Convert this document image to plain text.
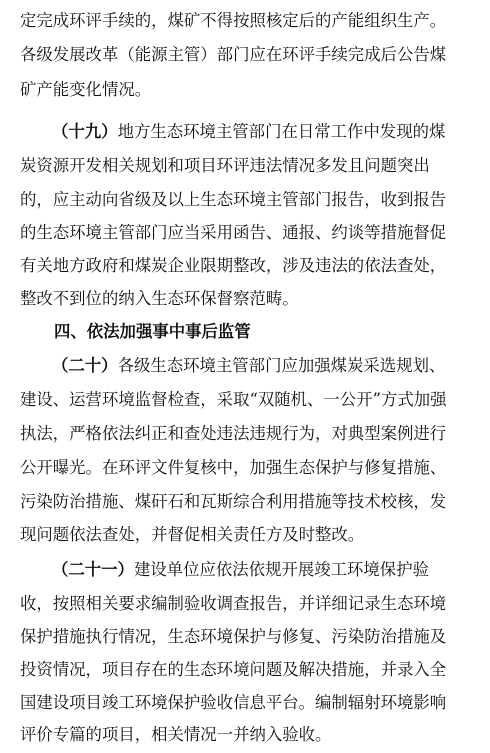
定完成环评手续的，煤矿不得按照核定后的产能组织生产。
各级发展改革（能源主管）部门应在环评手续完成后公告煤
矿产能变化情况。
（十九）地方生态环境主管部门在日常工作中发现的煤
炭资源开发相关规划和项目环评违法情况多发且问题突出
的，应主动向省级及以上生态环境主管部门报告，收到报告
的生态环境主管部门应当采用函告、通报、约谈等措施督促
有关地方政府和煤炭企业限期整改，涉及违法的依法查处，
整改不到位的纳入生态环保督察范畴。
四、依法加强事中事后监管
（二十）各级生态环境主管部门应加强煤炭采选规划、
建设、运营环境监督检查，采取“双随机、一公开”方式加强
执法，严格依法纠正和查处违法违规行为，对典型案例进行
公开曝光。在环评文件复核中，加强生态保护与修复措施、
污染防治措施、煤矸石和瓦斯综合利用措施等技术校核，发
现问题依法查处，并督促相关责任方及时整改。
（二十一）建设单位应依法依规开展竣工环境保护验
收，按照相关要求编制验收调查报告，并详细记录生态环境
保护措施执行情况，生态环境保护与修复、污染防治措施及
投资情况，项目存在的生态环境问题及解决措施，并录入全
国建设项目竣工环境保护验收信息平台。编制辐射环境影响
评价专篇的项目，相关情况一并纳入验收。
